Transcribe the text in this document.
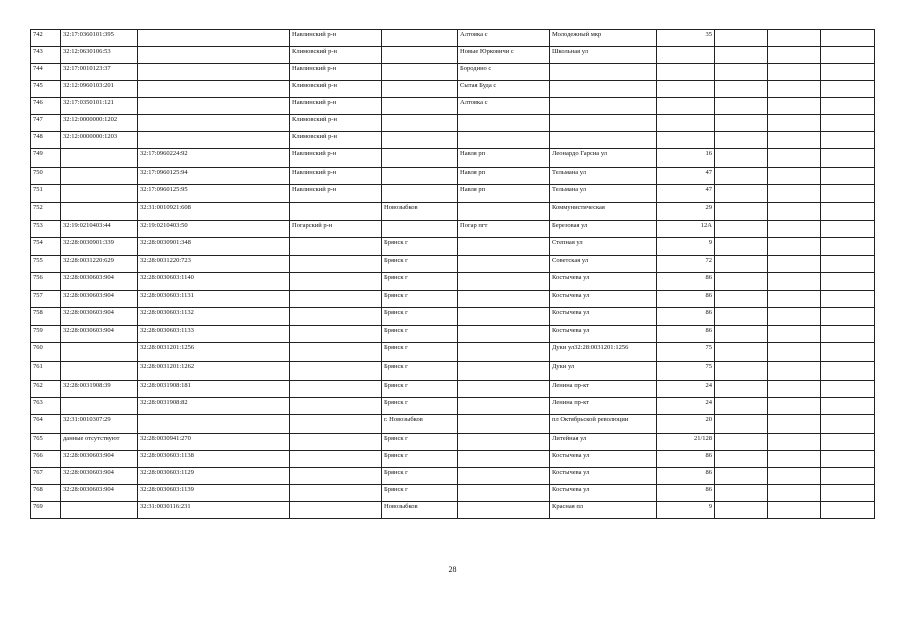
742	32:17:0360101:395		Навлинский р-н		Алтовка с	Молодежный мкр	35			
743	32:12:0630106:53		Климовский р-н		Новые Юрковичи с	Школьная ул				
744	32:17:0010123:37		Навлинский р-н		Бородино с					
745	32:12:0960103:201		Климовский р-н		Сытая Буда с					
746	32:17:0350101:121		Навлинский р-н		Алтовка с					
747	32:12:0000000:1202		Климовский р-н							
748	32:12:0000000:1203		Климовский р-н							
749		32:17:0960224:92	Навлинский р-н		Навля рп	Леонардо Гарсиа ул	16			
750		32:17:0960125:94	Навлинский р-н		Навля рп	Тельмана ул	47			
751		32:17:0960125:95	Навлинский р-н		Навля рп	Тельмана ул	47			
752		32:31:0010921:608		Новозыбков		Коммунистическая	29			
753	32:19:0210403:44	32:19:0210403:50	Погарский р-н		Погар пгт	Березовая ул	12А			
754	32:28:0030901:339	32:28:0030901:348		Брянск г		Степная ул	9			
755	32:28:0031220:629	32:28:0031220:723		Брянск г		Советская ул	72			
756	32:28:0030603:904	32:28:0030603:1140		Брянск г		Костычева ул	86			
757	32:28:0030603:904	32:28:0030603:1131		Брянск г		Костычева ул	86			
758	32:28:0030603:904	32:28:0030603:1132		Брянск г		Костычева ул	86			
759	32:28:0030603:904	32:28:0030603:1133		Брянск г		Костычева ул	86			
760		32:28:0031201:1256		Брянск г		Дуки ул32:28:0031201:1256	75			
761		32:28:0031201:1262		Брянск г		Дуки ул	75			
762	32:28:0031908:39	32:28:0031908:181		Брянск г		Ленина пр-кт	24			
763		32:28:0031908:82		Брянск г		Ленина пр-кт	24			
764	32:31:0010307:29			г. Новозыбков		пл Октябрьской революции	20			
765	данные отсутствуют	32:28:0030941:270		Брянск г		Литейная ул	21/128			
766	32:28:0030603:904	32:28:0030603:1138		Брянск г		Костычева ул	86			
767	32:28:0030603:904	32:28:0030603:1129		Брянск г		Костычева ул	86			
768	32:28:0030603:904	32:28:0030603:1139		Брянск г		Костычева ул	86			
769		32:31:0030116:231		Новозыбков		Красная пл	9			
28
